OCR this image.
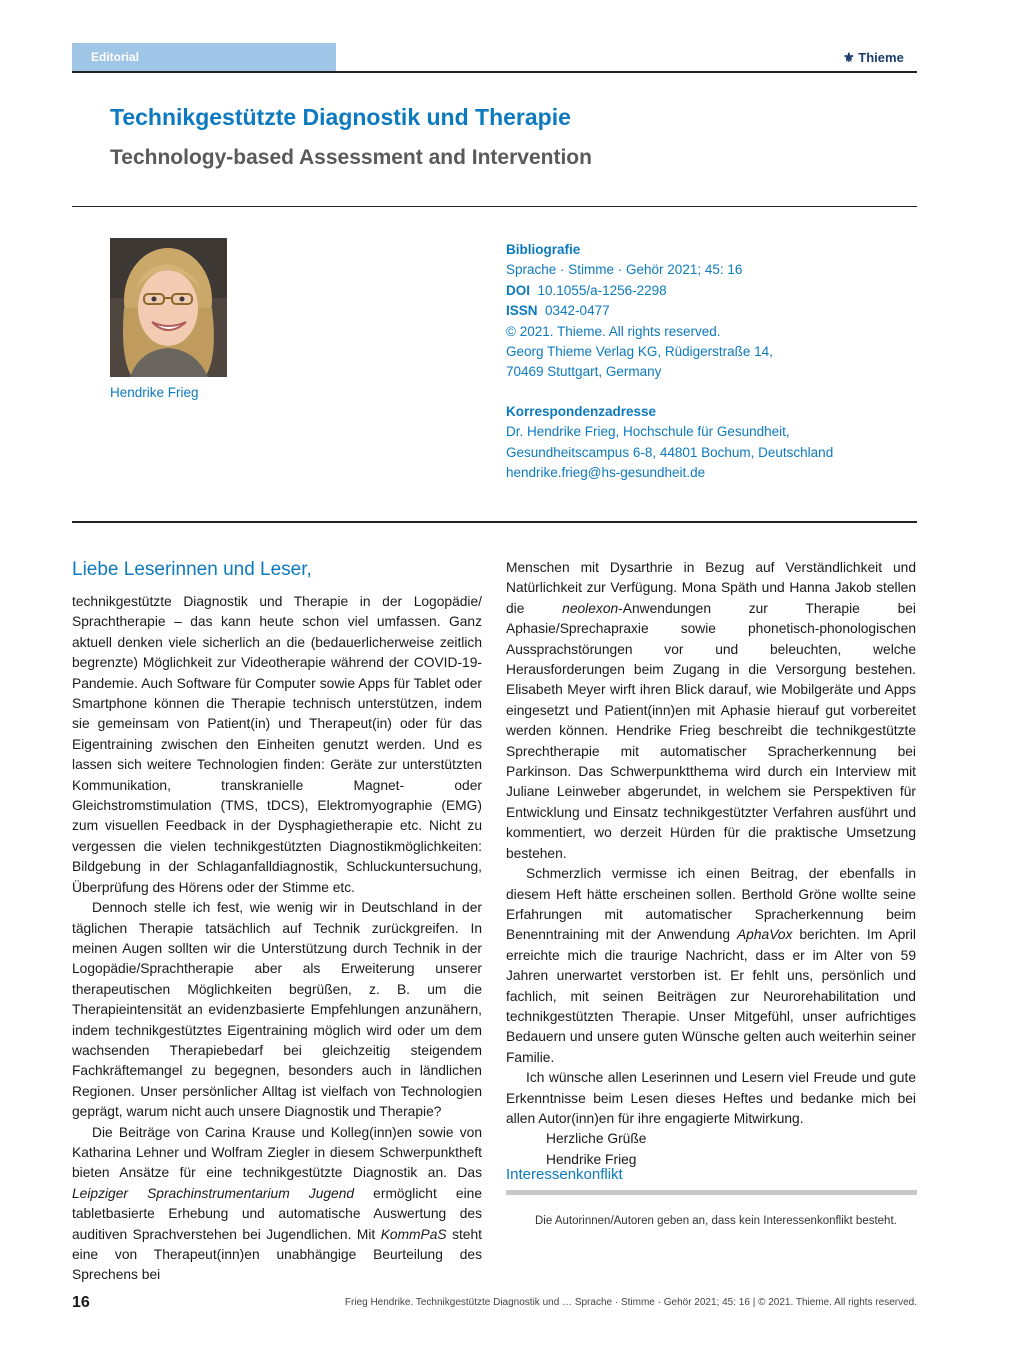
Editorial	⚜ Thieme
Technikgestützte Diagnostik und Therapie
Technology-based Assessment and Intervention
Hendrike Frieg
Bibliografie
Sprache · Stimme · Gehör 2021; 45: 16
DOI 10.1055/a-1256-2298
ISSN 0342-0477
© 2021. Thieme. All rights reserved.
Georg Thieme Verlag KG, Rüdigerstraße 14,
70469 Stuttgart, Germany
Korrespondenzadresse
Dr. Hendrike Frieg, Hochschule für Gesundheit,
Gesundheitscampus 6-8, 44801 Bochum, Deutschland
hendrike.frieg@hs-gesundheit.de
Liebe Leserinnen und Leser,

technikgestützte Diagnostik und Therapie in der Logopädie/ Sprachtherapie – das kann heute schon viel umfassen. Ganz aktuell denken viele sicherlich an die (bedauerlicherweise zeitlich begrenzte) Möglichkeit zur Videotherapie während der COVID-19-Pandemie. Auch Software für Computer sowie Apps für Tablet oder Smartphone können die Therapie technisch unterstützen, indem sie gemeinsam von Patient(in) und Therapeut(in) oder für das Eigentraining zwischen den Einheiten genutzt werden. Und es lassen sich weitere Technologien finden: Geräte zur unterstützten Kommunikation, transkranielle Magnet- oder Gleichstromstimulation (TMS, tDCS), Elektromyographie (EMG) zum visuellen Feedback in der Dysphagietherapie etc. Nicht zu vergessen die vielen technikgestützten Diagnostikmöglichkeiten: Bildgebung in der Schlaganfalldiagnostik, Schluckuntersuchung, Überprüfung des Hörens oder der Stimme etc.

Dennoch stelle ich fest, wie wenig wir in Deutschland in der täglichen Therapie tatsächlich auf Technik zurückgreifen. In meinen Augen sollten wir die Unterstützung durch Technik in der Logopädie/Sprachtherapie aber als Erweiterung unserer therapeutischen Möglichkeiten begrüßen, z. B. um die Therapieintensität an evidenzbasierte Empfehlungen anzunähern, indem technikgestütztes Eigentraining möglich wird oder um dem wachsenden Therapiebedarf bei gleichzeitig steigendem Fachkräftemangel zu begegnen, besonders auch in ländlichen Regionen. Unser persönlicher Alltag ist vielfach von Technologien geprägt, warum nicht auch unsere Diagnostik und Therapie?

Die Beiträge von Carina Krause und Kolleg(inn)en sowie von Katharina Lehner und Wolfram Ziegler in diesem Schwerpunktheft bieten Ansätze für eine technikgestützte Diagnostik an. Das Leipziger Sprachinstrumentarium Jugend ermöglicht eine tabletbasierte Erhebung und automatische Auswertung des auditiven Sprachverstehen bei Jugendlichen. Mit KommPaS steht eine von Therapeut(inn)en unabhängige Beurteilung des Sprechens bei

Menschen mit Dysarthrie in Bezug auf Verständlichkeit und Natürlichkeit zur Verfügung. Mona Späth und Hanna Jakob stellen die neolexon-Anwendungen zur Therapie bei Aphasie/Sprechapraxie sowie phonetisch-phonologischen Aussprachstörungen vor und beleuchten, welche Herausforderungen beim Zugang in die Versorgung bestehen. Elisabeth Meyer wirft ihren Blick darauf, wie Mobilgeräte und Apps eingesetzt und Patient(inn)en mit Aphasie hierauf gut vorbereitet werden können. Hendrike Frieg beschreibt die technikgestützte Sprechtherapie mit automatischer Spracherkennung bei Parkinson. Das Schwerpunktthema wird durch ein Interview mit Juliane Leinweber abgerundet, in welchem sie Perspektiven für Entwicklung und Einsatz technikgestützter Verfahren ausführt und kommentiert, wo derzeit Hürden für die praktische Umsetzung bestehen.

Schmerzlich vermisse ich einen Beitrag, der ebenfalls in diesem Heft hätte erscheinen sollen. Berthold Gröne wollte seine Erfahrungen mit automatischer Spracherkennung beim Benenntraining mit der Anwendung AphaVox berichten. Im April erreichte mich die traurige Nachricht, dass er im Alter von 59 Jahren unerwartet verstorben ist. Er fehlt uns, persönlich und fachlich, mit seinen Beiträgen zur Neurorehabilitation und technikgestützten Therapie. Unser Mitgefühl, unser aufrichtiges Bedauern und unsere guten Wünsche gelten auch weiterhin seiner Familie.

Ich wünsche allen Leserinnen und Lesern viel Freude und gute Erkenntnisse beim Lesen dieses Heftes und bedanke mich bei allen Autor(inn)en für ihre engagierte Mitwirkung.

Herzliche Grüße

Hendrike Frieg

Interessenkonflikt
Die Autorinnen/Autoren geben an, dass kein Interessenkonflikt besteht.
16	Frieg Hendrike. Technikgestützte Diagnostik und … Sprache · Stimme · Gehör 2021; 45: 16 | © 2021. Thieme. All rights reserved.
